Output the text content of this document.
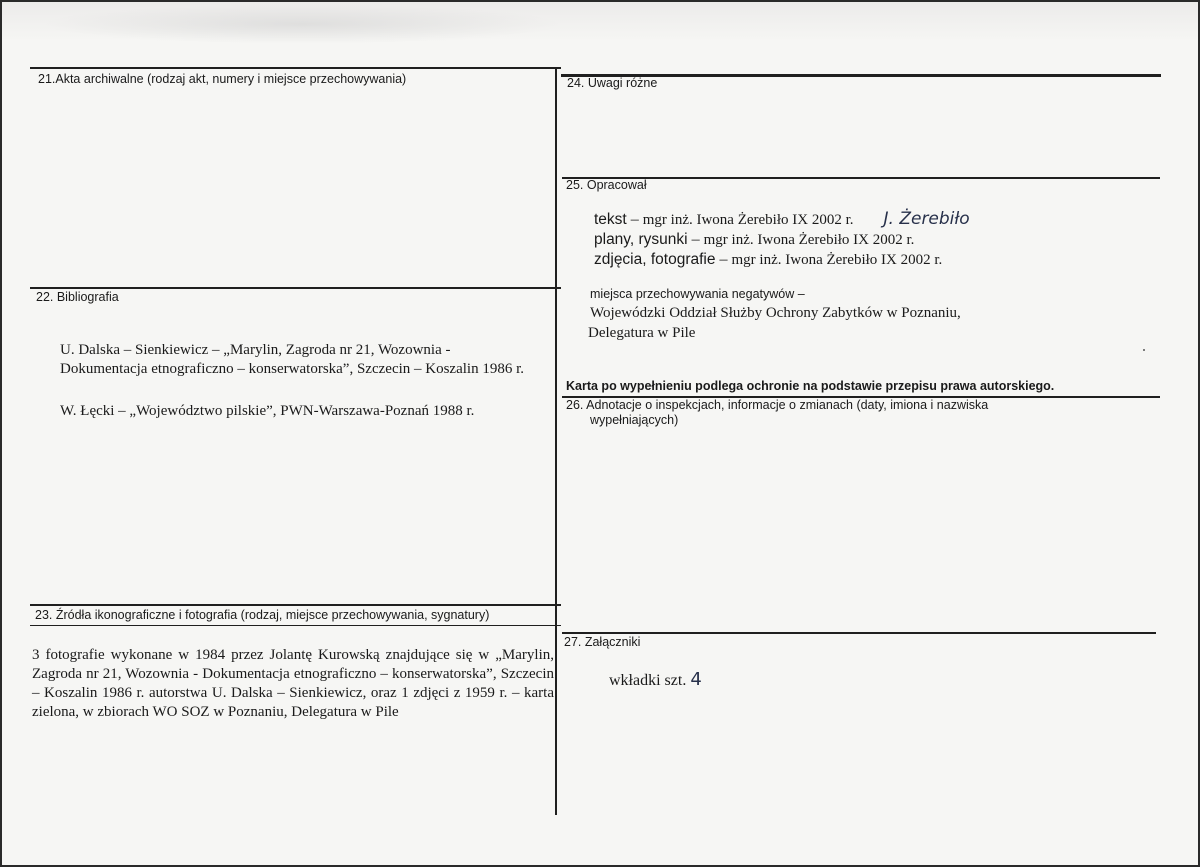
21.Akta archiwalne (rodzaj akt, numery i miejsce przechowywania)
22. Bibliografia
U. Dalska – Sienkiewicz – „Marylin, Zagroda nr 21, Wozownia - Dokumentacja etnograficzno – konserwatorska”, Szczecin – Koszalin 1986 r.
W. Łęcki – „Województwo pilskie”, PWN-Warszawa-Poznań 1988 r.
23. Źródła ikonograficzne i fotografia (rodzaj, miejsce przechowywania, sygnatury)
3 fotografie wykonane w 1984 przez Jolantę Kurowską znajdujące się w „Marylin, Zagroda nr 21, Wozownia - Dokumentacja etnograficzno – konserwatorska”, Szczecin – Koszalin 1986 r. autorstwa U. Dalska – Sienkiewicz, oraz 1 zdjęci z 1959 r. – karta zielona, w zbiorach WO SOZ w Poznaniu, Delegatura w Pile
24. Uwagi różne
25. Opracował
tekst – mgr inż. Iwona Żerebiło IX 2002 r. J. Żerebiło
plany, rysunki – mgr inż. Iwona Żerebiło IX 2002 r.
zdjęcia, fotografie – mgr inż. Iwona Żerebiło IX 2002 r.
miejsca przechowywania negatywów –
Wojewódzki Oddział Służby Ochrony Zabytków w Poznaniu,
Delegatura w Pile
Karta po wypełnieniu podlega ochronie na podstawie przepisu prawa autorskiego.
26. Adnotacje o inspekcjach, informacje o zmianach (daty, imiona i nazwiska
wypełniających)
27. Załączniki
wkładki szt. 4
